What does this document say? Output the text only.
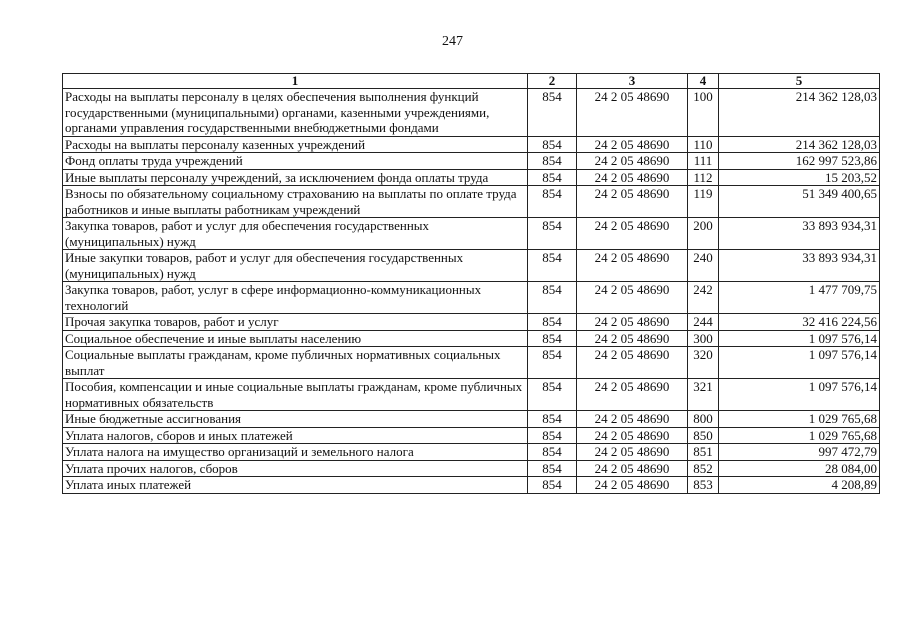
247
1	2	3	4	5
Расходы на выплаты персоналу в целях обеспечения выполнения функций государственными (муниципальными) органами, казенными учреждениями, органами управления государственными внебюджетными фондами	854	24 2 05 48690	100	214 362 128,03
Расходы на выплаты персоналу казенных учреждений	854	24 2 05 48690	110	214 362 128,03
Фонд оплаты труда учреждений	854	24 2 05 48690	111	162 997 523,86
Иные выплаты персоналу учреждений, за исключением фонда оплаты труда	854	24 2 05 48690	112	15 203,52
Взносы по обязательному социальному страхованию на выплаты по оплате труда работников и иные выплаты работникам учреждений	854	24 2 05 48690	119	51 349 400,65
Закупка товаров, работ и услуг для обеспечения государственных (муниципальных) нужд	854	24 2 05 48690	200	33 893 934,31
Иные закупки товаров, работ и услуг для обеспечения государственных (муниципальных) нужд	854	24 2 05 48690	240	33 893 934,31
Закупка товаров, работ, услуг в сфере информационно-коммуникационных технологий	854	24 2 05 48690	242	1 477 709,75
Прочая закупка товаров, работ и услуг	854	24 2 05 48690	244	32 416 224,56
Социальное обеспечение и иные выплаты населению	854	24 2 05 48690	300	1 097 576,14
Социальные выплаты гражданам, кроме публичных нормативных социальных выплат	854	24 2 05 48690	320	1 097 576,14
Пособия, компенсации и иные социальные выплаты гражданам, кроме публичных нормативных обязательств	854	24 2 05 48690	321	1 097 576,14
Иные бюджетные ассигнования	854	24 2 05 48690	800	1 029 765,68
Уплата налогов, сборов и иных платежей	854	24 2 05 48690	850	1 029 765,68
Уплата налога на имущество организаций и земельного налога	854	24 2 05 48690	851	997 472,79
Уплата прочих налогов, сборов	854	24 2 05 48690	852	28 084,00
Уплата иных платежей	854	24 2 05 48690	853	4 208,89
